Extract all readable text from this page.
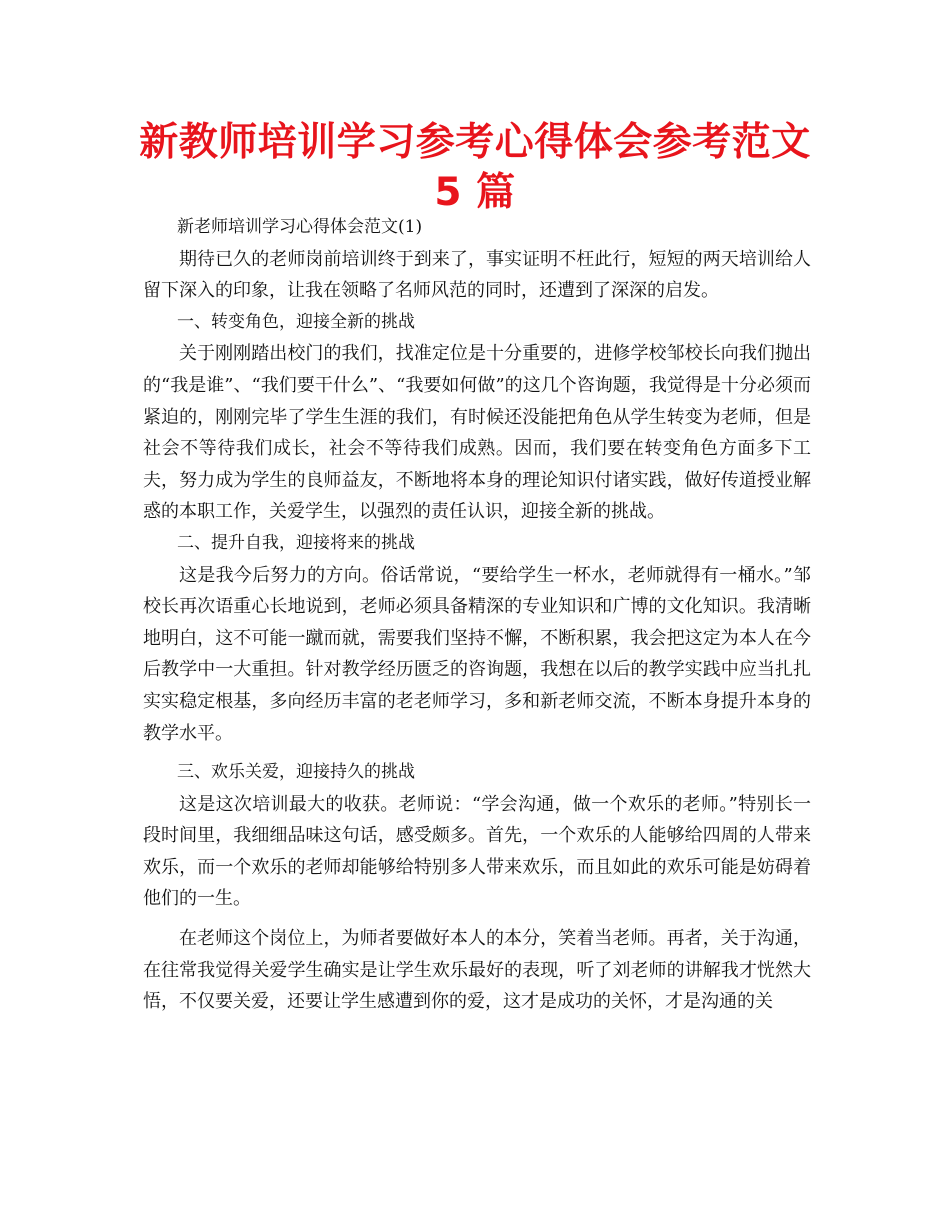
新教师培训学习参考心得体会参考范文 5 篇

新老师培训学习心得体会范文(1)

期待已久的老师岗前培训终于到来了，事实证明不枉此行，短短的两天培训给人留下深入的印象，让我在领略了名师风范的同时，还遭到了深深的启发。

一、转变角色，迎接全新的挑战

关于刚刚踏出校门的我们，找准定位是十分重要的，进修学校邹校长向我们抛出的“我是谁”、“我们要干什么”、“我要如何做”的这几个咨询题，我觉得是十分必须而紧迫的，刚刚完毕了学生生涯的我们，有时候还没能把角色从学生转变为老师，但是社会不等待我们成长，社会不等待我们成熟。因而，我们要在转变角色方面多下工夫，努力成为学生的良师益友，不断地将本身的理论知识付诸实践，做好传道授业解惑的本职工作，关爱学生，以强烈的责任认识，迎接全新的挑战。

二、提升自我，迎接将来的挑战

这是我今后努力的方向。俗话常说，“要给学生一杯水，老师就得有一桶水。”邹校长再次语重心长地说到，老师必须具备精深的专业知识和广博的文化知识。我清晰地明白，这不可能一蹴而就，需要我们坚持不懈，不断积累，我会把这定为本人在今后教学中一大重担。针对教学经历匮乏的咨询题，我想在以后的教学实践中应当扎扎实实稳定根基，多向经历丰富的老老师学习，多和新老师交流，不断本身提升本身的教学水平。

三、欢乐关爱，迎接持久的挑战

这是这次培训最大的收获。老师说：“学会沟通，做一个欢乐的老师。”特别长一段时间里，我细细品味这句话，感受颇多。首先，一个欢乐的人能够给四周的人带来欢乐，而一个欢乐的老师却能够给特别多人带来欢乐，而且如此的欢乐可能是妨碍着他们的一生。

在老师这个岗位上，为师者要做好本人的本分，笑着当老师。再者，关于沟通，在往常我觉得关爱学生确实是让学生欢乐最好的表现，听了刘老师的讲解我才恍然大悟，不仅要关爱，还要让学生感遭到你的爱，这才是成功的关怀，才是沟通的关
